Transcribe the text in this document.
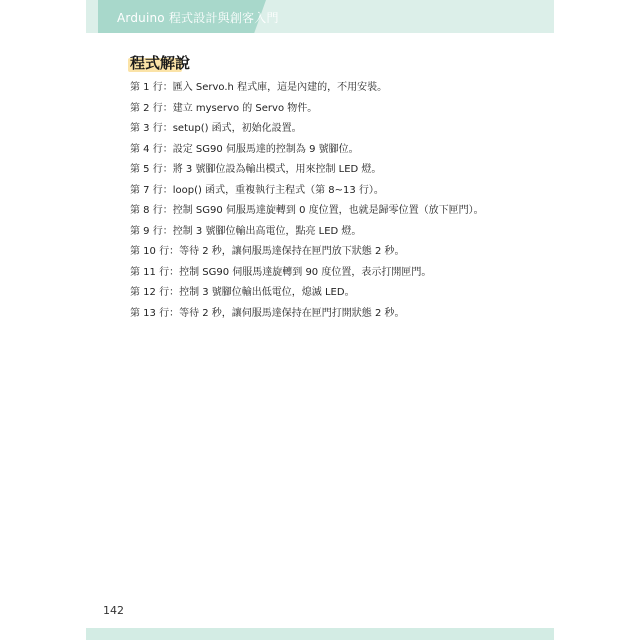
Arduino 程式設計與創客入門
程式解說
第 1 行：匯入 Servo.h 程式庫，這是內建的，不用安裝。
第 2 行：建立 myservo 的 Servo 物件。
第 3 行：setup() 函式，初始化設置。
第 4 行：設定 SG90 伺服馬達的控制為 9 號腳位。
第 5 行：將 3 號腳位設為輸出模式，用來控制 LED 燈。
第 7 行：loop() 函式，重複執行主程式（第 8~13 行）。
第 8 行：控制 SG90 伺服馬達旋轉到 0 度位置，也就是歸零位置（放下匣門）。
第 9 行：控制 3 號腳位輸出高電位，點亮 LED 燈。
第 10 行：等待 2 秒，讓伺服馬達保持在匣門放下狀態 2 秒。
第 11 行：控制 SG90 伺服馬達旋轉到 90 度位置，表示打開匣門。
第 12 行：控制 3 號腳位輸出低電位，熄滅 LED。
第 13 行：等待 2 秒，讓伺服馬達保持在匣門打開狀態 2 秒。
142
